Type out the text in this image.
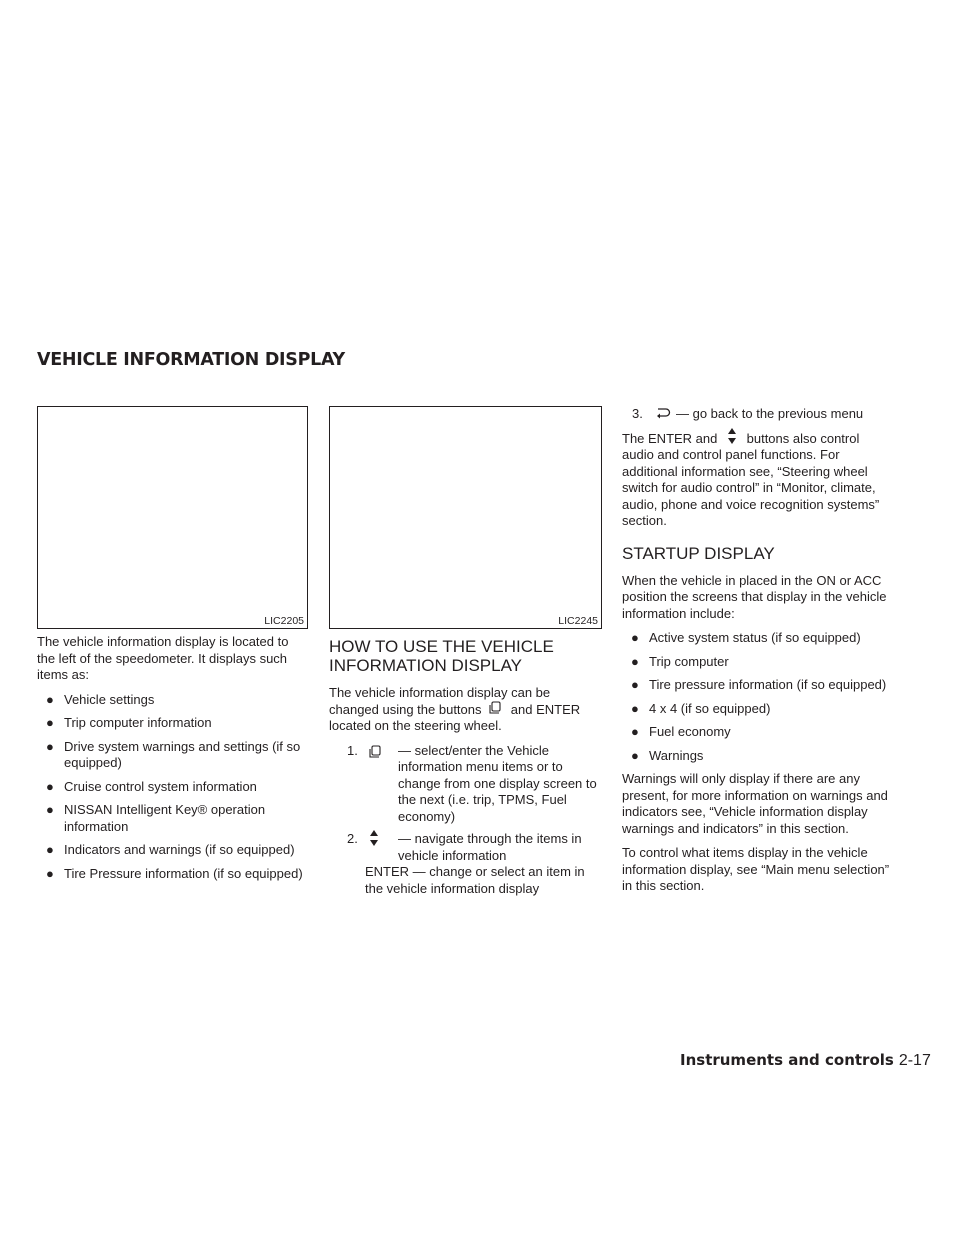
VEHICLE INFORMATION DISPLAY
LIC2205	LIC2245

The vehicle information display is located to the left of the speedometer. It displays such items as:

● Vehicle settings
● Trip computer information
● Drive system warnings and settings (if so equipped)
● Cruise control system information
● NISSAN Intelligent Key® operation information
● Indicators and warnings (if so equipped)
● Tire Pressure information (if so equipped)
HOW TO USE THE VEHICLE INFORMATION DISPLAY

The vehicle information display can be changed using the buttons and ENTER located on the steering wheel.

1.	— select/enter the Vehicle information menu items or to change from one display screen to the next (i.e. trip, TPMS, Fuel economy)
2.	— navigate through the items in vehicle information
ENTER — change or select an item in the vehicle information display
3.	— go back to the previous menu

The ENTER and buttons also control audio and control panel functions. For additional information see, “Steering wheel switch for audio control” in “Monitor, climate, audio, phone and voice recognition systems” section.

STARTUP DISPLAY

When the vehicle in placed in the ON or ACC position the screens that display in the vehicle information include:

● Active system status (if so equipped)
● Trip computer
● Tire pressure information (if so equipped)
● 4 x 4 (if so equipped)
● Fuel economy
● Warnings

Warnings will only display if there are any present, for more information on warnings and indicators see, “Vehicle information display warnings and indicators” in this section.

To control what items display in the vehicle information display, see “Main menu selection” in this section.

Instruments and controls 2-17
